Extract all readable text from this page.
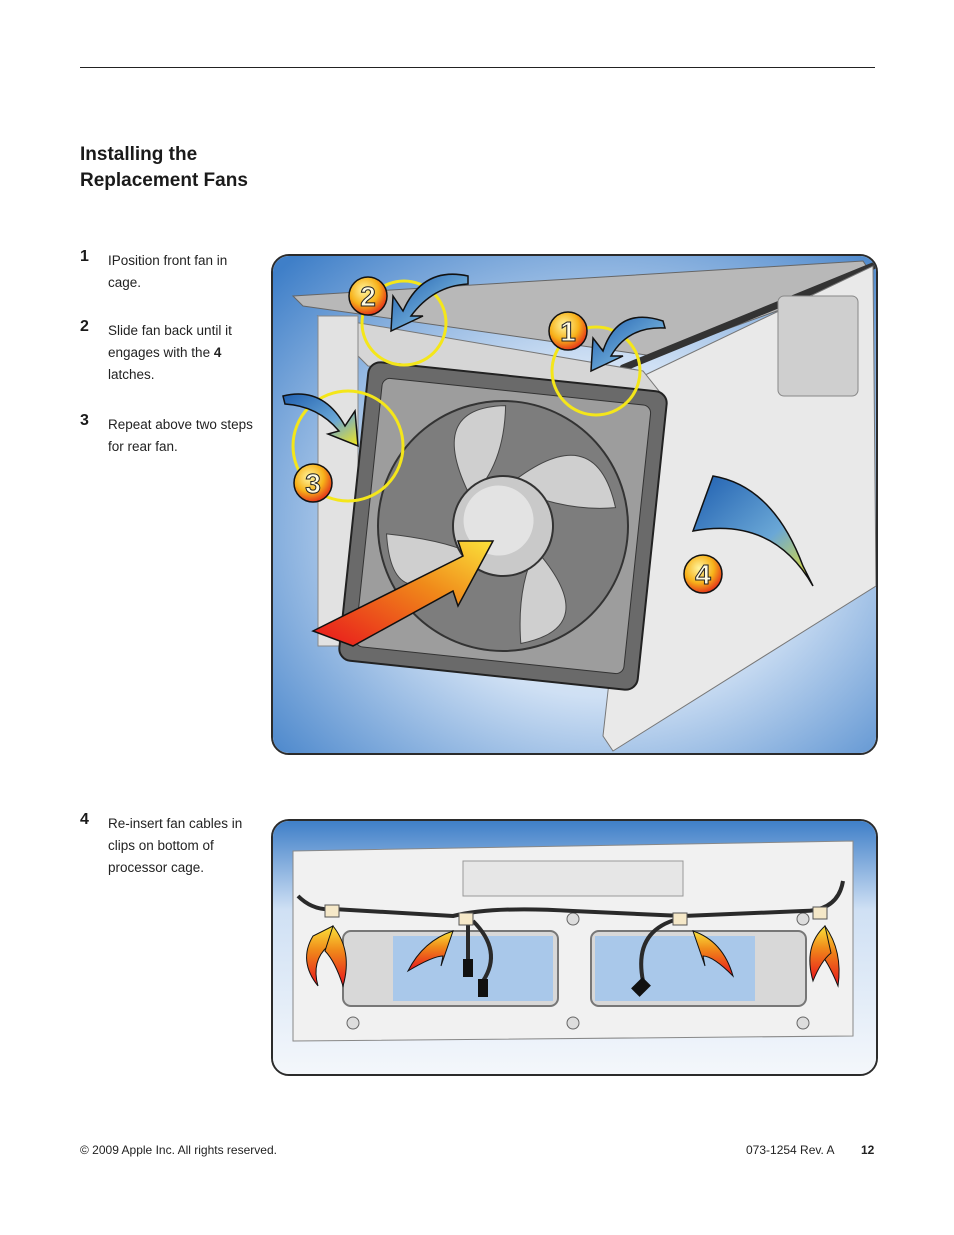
Installing the Replacement Fans
1 IPosition front fan in cage.
2 Slide fan back until it engages with the 4 latches.
3 Repeat above two steps for rear fan.
4 Re-insert fan cables in clips on bottom of processor cage.
2
1
3
4
© 2009 Apple Inc. All rights reserved.	073-1254 Rev. A 12
